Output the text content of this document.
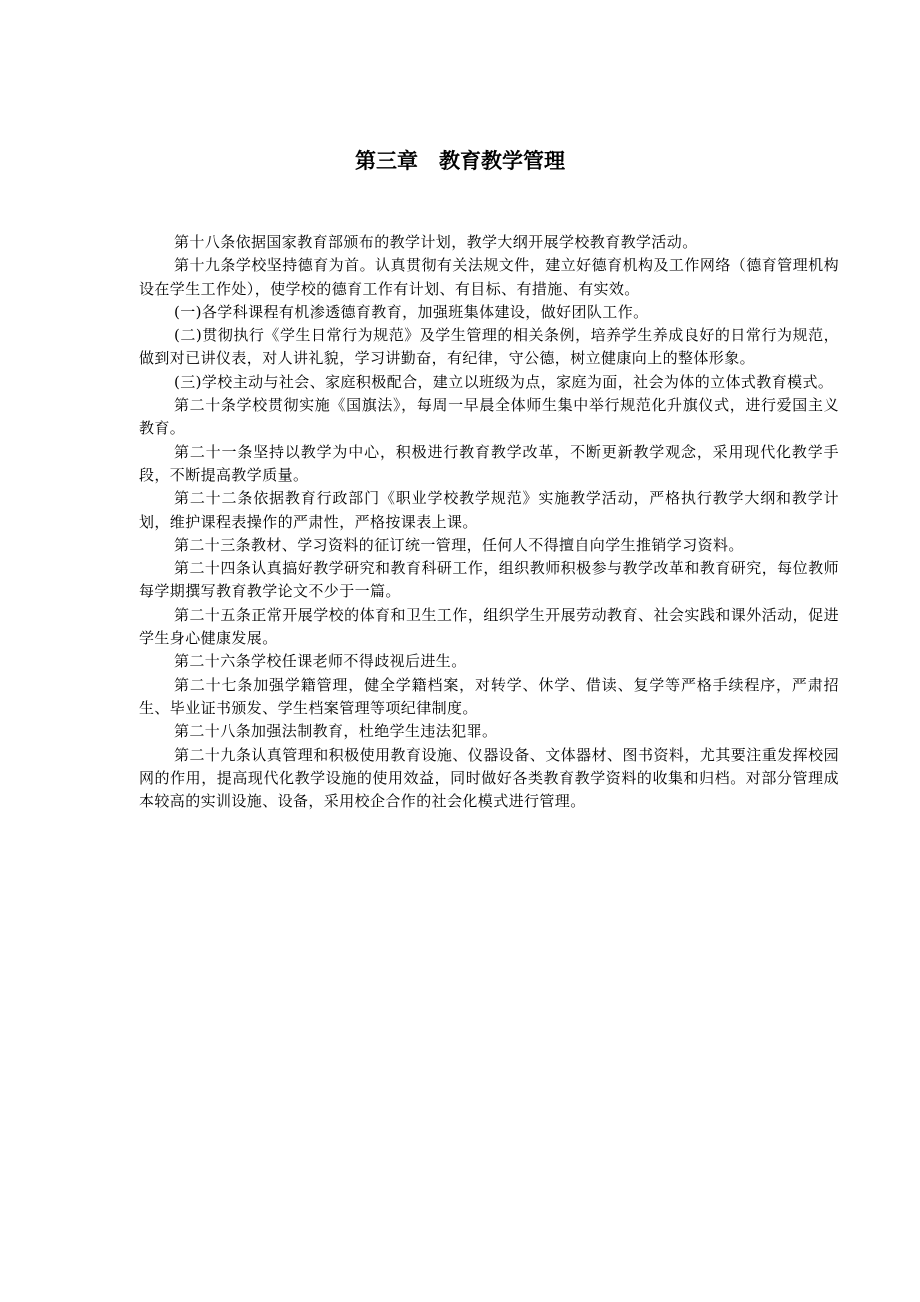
第三章　教育教学管理

第十八条依据国家教育部颁布的教学计划，教学大纲开展学校教育教学活动。

第十九条学校坚持德育为首。认真贯彻有关法规文件，建立好德育机构及工作网络（德育管理机构设在学生工作处），使学校的德育工作有计划、有目标、有措施、有实效。

(一)各学科课程有机渗透德育教育，加强班集体建设，做好团队工作。

(二)贯彻执行《学生日常行为规范》及学生管理的相关条例，培养学生养成良好的日常行为规范，做到对已讲仪表，对人讲礼貌，学习讲勤奋，有纪律，守公德，树立健康向上的整体形象。

(三)学校主动与社会、家庭积极配合，建立以班级为点，家庭为面，社会为体的立体式教育模式。

第二十条学校贯彻实施《国旗法》，每周一早晨全体师生集中举行规范化升旗仪式，进行爱国主义教育。

第二十一条坚持以教学为中心，积极进行教育教学改革，不断更新教学观念，采用现代化教学手段，不断提高教学质量。

第二十二条依据教育行政部门《职业学校教学规范》实施教学活动，严格执行教学大纲和教学计划，维护课程表操作的严肃性，严格按课表上课。

第二十三条教材、学习资料的征订统一管理，任何人不得擅自向学生推销学习资料。

第二十四条认真搞好教学研究和教育科研工作，组织教师积极参与教学改革和教育研究，每位教师每学期撰写教育教学论文不少于一篇。

第二十五条正常开展学校的体育和卫生工作，组织学生开展劳动教育、社会实践和课外活动，促进学生身心健康发展。

第二十六条学校任课老师不得歧视后进生。

第二十七条加强学籍管理，健全学籍档案，对转学、休学、借读、复学等严格手续程序，严肃招生、毕业证书颁发、学生档案管理等项纪律制度。

第二十八条加强法制教育，杜绝学生违法犯罪。

第二十九条认真管理和积极使用教育设施、仪器设备、文体器材、图书资料，尤其要注重发挥校园网的作用，提高现代化教学设施的使用效益，同时做好各类教育教学资料的收集和归档。对部分管理成本较高的实训设施、设备，采用校企合作的社会化模式进行管理。
